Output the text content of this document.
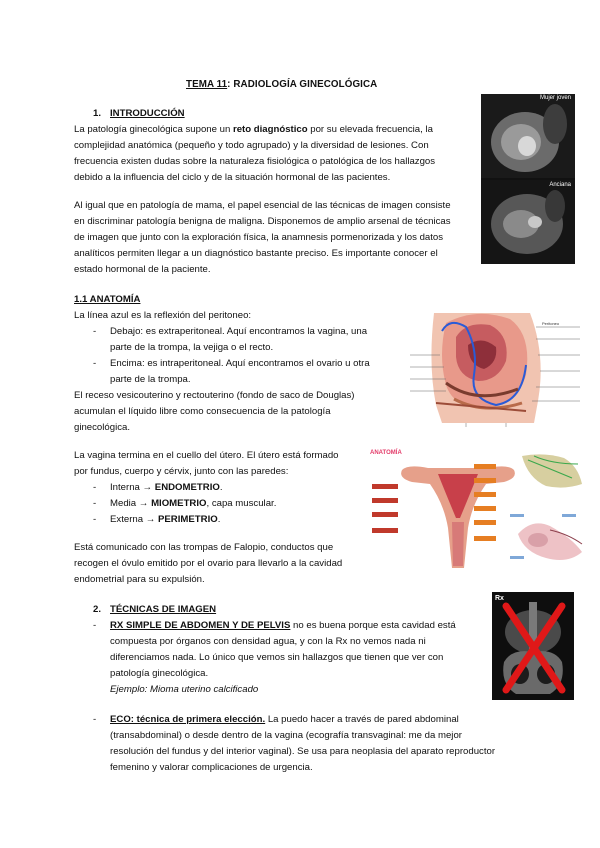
TEMA 11: RADIOLOGÍA GINECOLÓGICA
1. INTRODUCCIÓN
La patología ginecológica supone un reto diagnóstico por su elevada frecuencia, la
complejidad anatómica (pequeño y todo agrupado) y la diversidad de lesiones. Con
frecuencia existen dudas sobre la naturaleza fisiológica o patológica de los hallazgos
debido a la influencia del ciclo y de la situación hormonal de las pacientes.
Al igual que en patología de mama, el papel esencial de las técnicas de imagen consiste
en discriminar patología benigna de maligna. Disponemos de amplio arsenal de técnicas
de imagen que junto con la exploración física, la anamnesis pormenorizada y los datos
analíticos permiten llegar a un diagnóstico bastante preciso. Es importante conocer el
estado hormonal de la paciente.
Mujer joven
Anciana
1.1 ANATOMÍA
La línea azul es la reflexión del peritoneo:
- Debajo: es extraperitoneal. Aquí encontramos la vagina, una
parte de la trompa, la vejiga o el recto.
- Encima: es intraperitoneal. Aquí encontramos el ovario u otra
parte de la trompa.
El receso vesicouterino y rectouterino (fondo de saco de Douglas)
acumulan el líquido libre como consecuencia de la patología
ginecológica.
Peritoneo
La vagina termina en el cuello del útero. El útero está formado
por fundus, cuerpo y cérvix, junto con las paredes:
- Interna → ENDOMETRIO.
- Media → MIOMETRIO, capa muscular.
- Externa → PERIMETRIO.
Está comunicado con las trompas de Falopio, conductos que
recogen el óvulo emitido por el ovario para llevarlo a la cavidad
endometrial para su expulsión.
ANATOMÍA
2. TÉCNICAS DE IMAGEN
- RX SIMPLE DE ABDOMEN Y DE PELVIS no es buena porque esta cavidad está
compuesta por órganos con densidad agua, y con la Rx no vemos nada ni
diferenciamos nada. Lo único que vemos sin hallazgos que tienen que ver con
patología ginecológica.
Ejemplo: Mioma uterino calcificado
Rx
- ECO: técnica de primera elección. La puedo hacer a través de pared abdominal
(transabdominal) o desde dentro de la vagina (ecografía transvaginal: me da mejor
resolución del fundus y del interior vaginal). Se usa para neoplasia del aparato reproductor
femenino y valorar complicaciones de urgencia.
